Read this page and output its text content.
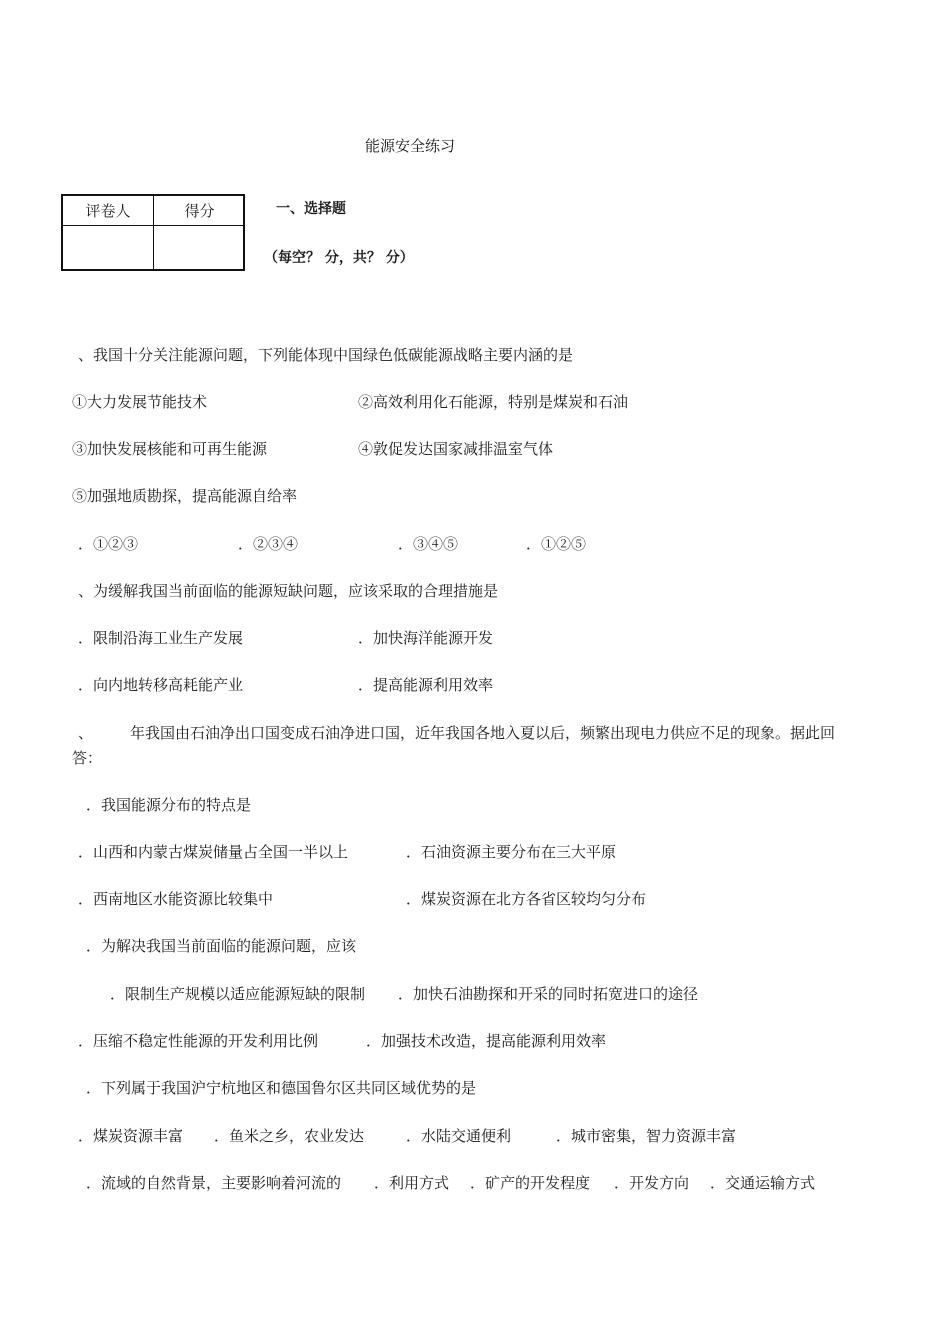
能源安全练习
评卷人	得分	一、选择题
（每空？ 分，共？ 分）
、我国十分关注能源问题，下列能体现中国绿色低碳能源战略主要内涵的是
①大力发展节能技术	②高效利用化石能源，特别是煤炭和石油
③加快发展核能和可再生能源	④敦促发达国家减排温室气体
⑤加强地质勘探，提高能源自给率
．①②③	．②③④	．③④⑤	．①②⑤
、为缓解我国当前面临的能源短缺问题，应该采取的合理措施是
．限制沿海工业生产发展	．加快海洋能源开发
．向内地转移高耗能产业	．提高能源利用效率
、 年我国由石油净出口国变成石油净进口国，近年我国各地入夏以后，频繁出现电力供应不足的现象。据此回
答：
．我国能源分布的特点是
．山西和内蒙古煤炭储量占全国一半以上	．石油资源主要分布在三大平原
．西南地区水能资源比较集中	．煤炭资源在北方各省区较均匀分布
．为解决我国当前面临的能源问题，应该
．限制生产规模以适应能源短缺的限制 ．加快石油勘探和开采的同时拓宽进口的途径
．压缩不稳定性能源的开发利用比例	．加强技术改造，提高能源利用效率
．下列属于我国沪宁杭地区和德国鲁尔区共同区域优势的是
．煤炭资源丰富 ．鱼米之乡，农业发达	．水陆交通便利	．城市密集，智力资源丰富
．流域的自然背景，主要影响着河流的 ．利用方式 ．矿产的开发程度 ．开发方向 ．交通运输方式
